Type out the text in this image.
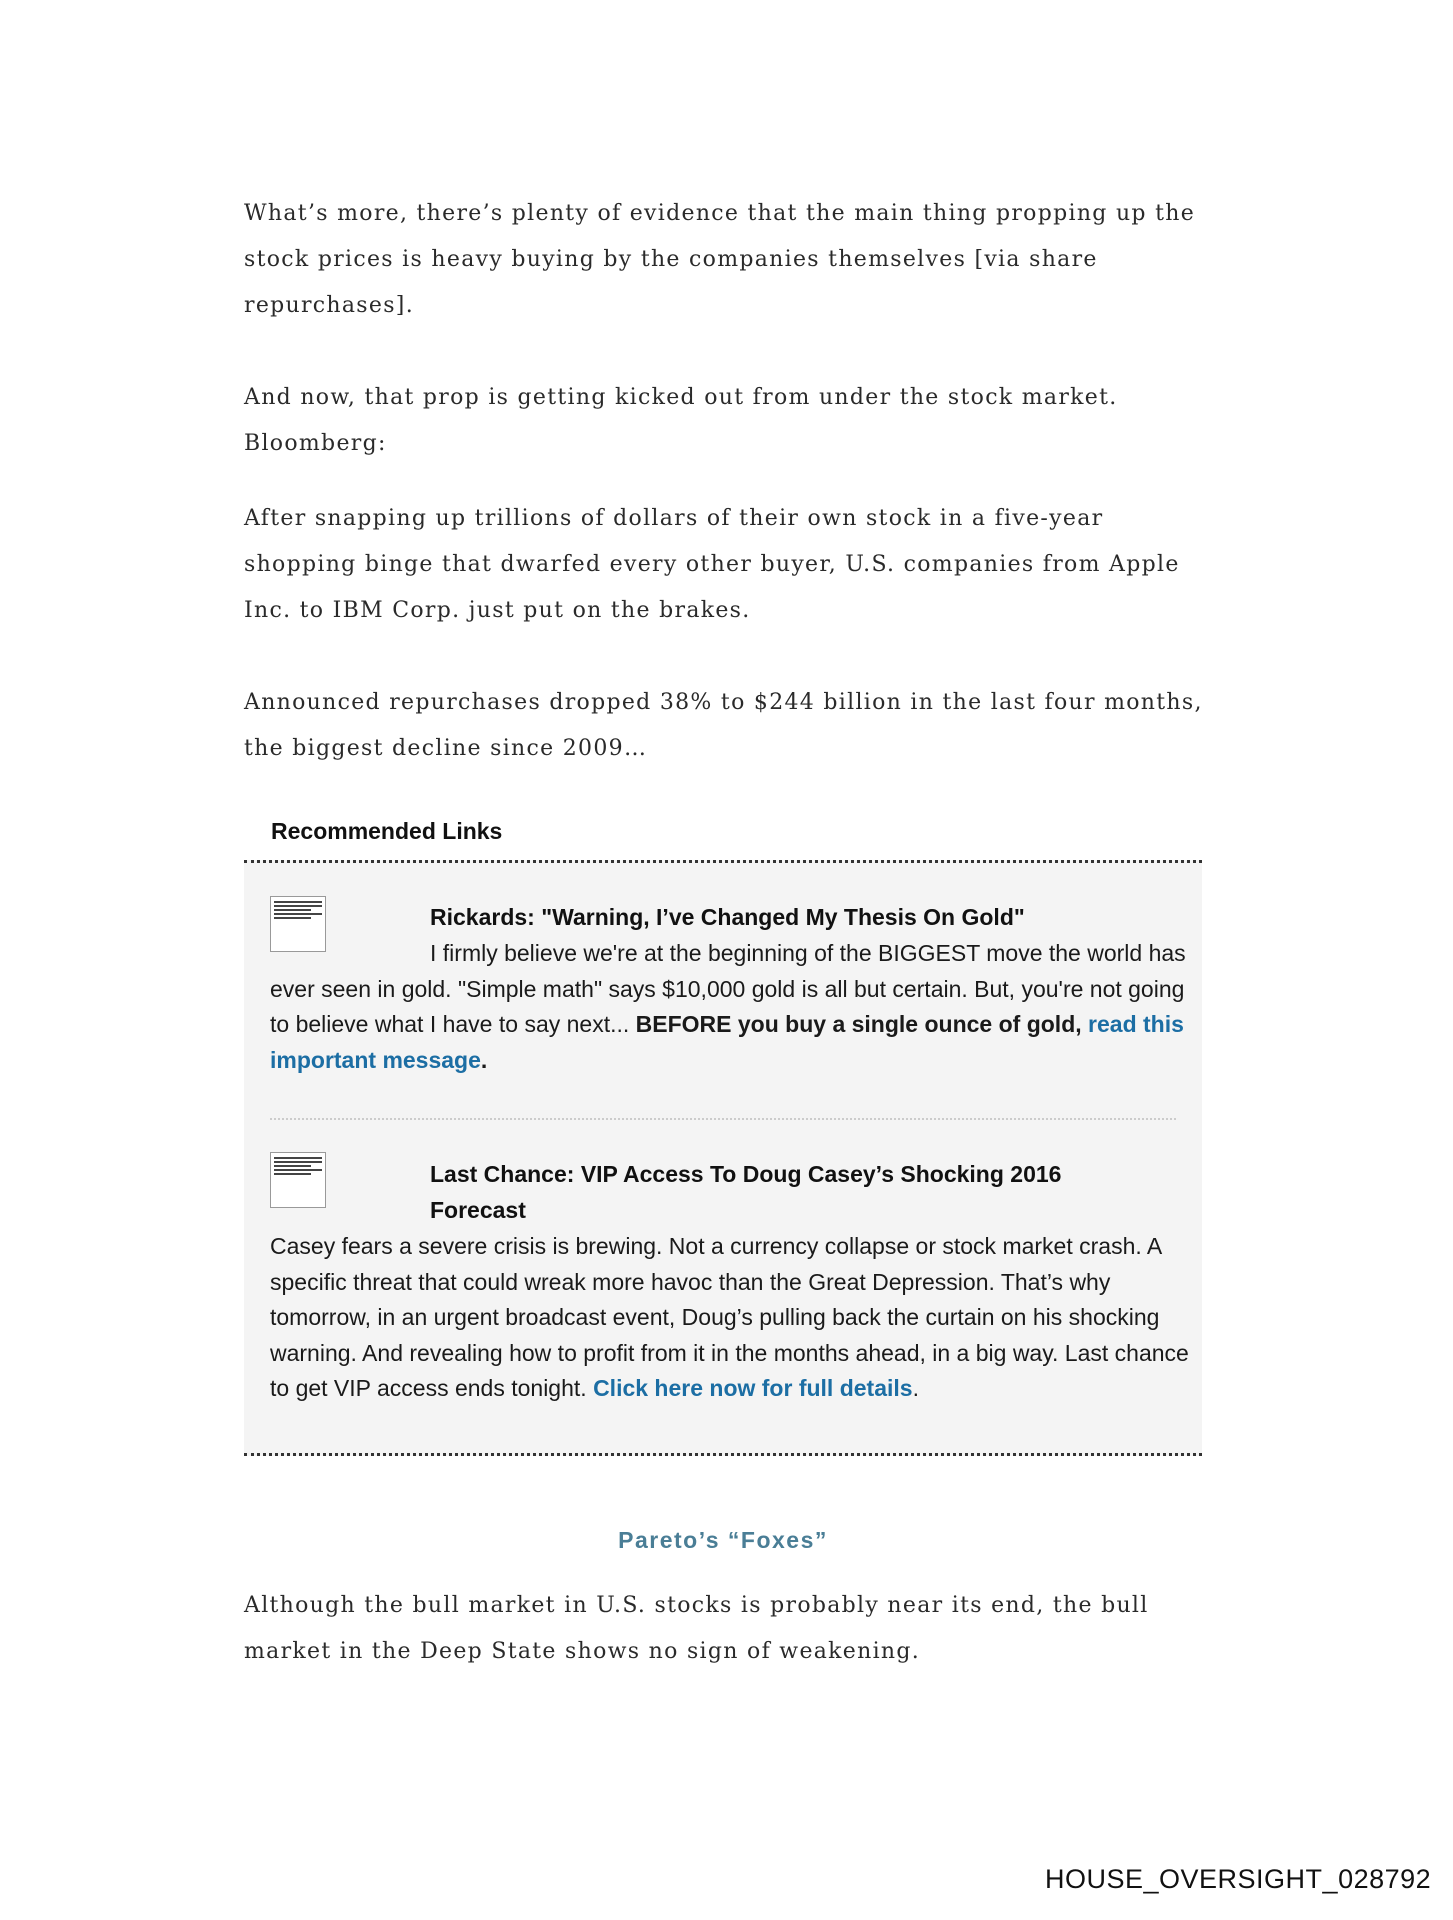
What’s more, there’s plenty of evidence that the main thing propping up the stock prices is heavy buying by the companies themselves [via share repurchases].

And now, that prop is getting kicked out from under the stock market. Bloomberg:

After snapping up trillions of dollars of their own stock in a five-year shopping binge that dwarfed every other buyer, U.S. companies from Apple Inc. to IBM Corp. just put on the brakes.

Announced repurchases dropped 38% to $244 billion in the last four months, the biggest decline since 2009…

Recommended Links
Rickards: "Warning, I’ve Changed My Thesis On Gold"
I firmly believe we're at the beginning of the BIGGEST move the world has ever seen in gold. "Simple math" says $10,000 gold is all but certain. But, you're not going to believe what I have to say next... BEFORE you buy a single ounce of gold, read this important message.
Last Chance: VIP Access To Doug Casey’s Shocking 2016 Forecast
Casey fears a severe crisis is brewing. Not a currency collapse or stock market crash. A specific threat that could wreak more havoc than the Great Depression. That’s why tomorrow, in an urgent broadcast event, Doug’s pulling back the curtain on his shocking warning. And revealing how to profit from it in the months ahead, in a big way. Last chance to get VIP access ends tonight. Click here now for full details.
Pareto’s “Foxes”

Although the bull market in U.S. stocks is probably near its end, the bull market in the Deep State shows no sign of weakening.

HOUSE_OVERSIGHT_028792
